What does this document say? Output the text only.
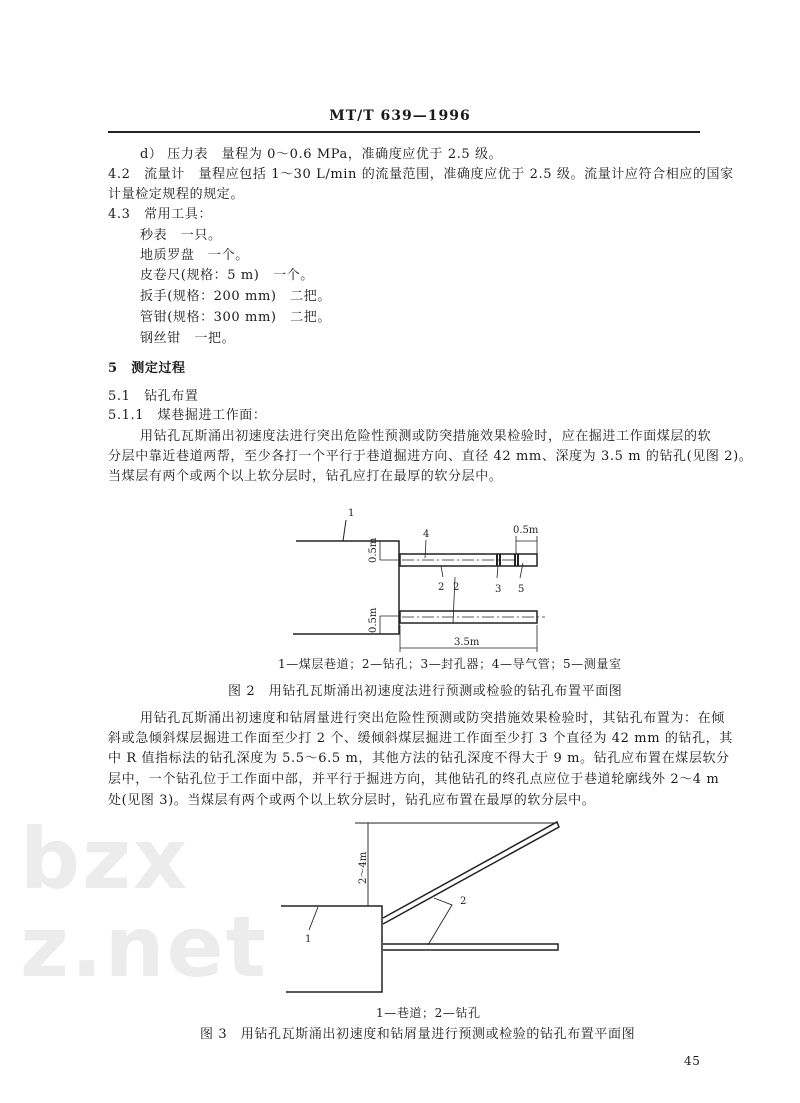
MT/T 639—1996
d） 压力表　量程为 0～0.6 MPa，准确度应优于 2.5 级。
4.2　流量计　量程应包括 1～30 L/min 的流量范围，准确度应优于 2.5 级。流量计应符合相应的国家
计量检定规程的规定。
4.3　常用工具：
秒表　一只。
地质罗盘　一个。
皮卷尺(规格：5 m)　一个。
扳手(规格：200 mm)　二把。
管钳(规格：300 mm)　二把。
钢丝钳　一把。
5　测定过程
5.1　钻孔布置
5.1.1　煤巷掘进工作面：
用钻孔瓦斯涌出初速度法进行突出危险性预测或防突措施效果检验时，应在掘进工作面煤层的软
分层中靠近巷道两帮，至少各打一个平行于巷道掘进方向、直径 42 mm、深度为 3.5 m 的钻孔(见图 2)。
当煤层有两个或两个以上软分层时，钻孔应打在最厚的软分层中。
1
4	0.5m
2 2	3 5
3.5m
0.5m
0.5m
1—煤层巷道；2—钻孔；3—封孔器；4—导气管；5—测量室
图 2　用钻孔瓦斯涌出初速度法进行预测或检验的钻孔布置平面图
用钻孔瓦斯涌出初速度和钻屑量进行突出危险性预测或防突措施效果检验时，其钻孔布置为：在倾
斜或急倾斜煤层掘进工作面至少打 2 个、缓倾斜煤层掘进工作面至少打 3 个直径为 42 mm 的钻孔，其
中 R 值指标法的钻孔深度为 5.5～6.5 m，其他方法的钻孔深度不得大于 9 m。钻孔应布置在煤层软分
层中，一个钻孔位于工作面中部，并平行于掘进方向，其他钻孔的终孔点应位于巷道轮廓线外 2～4 m
处(见图 3)。当煤层有两个或两个以上软分层时，钻孔应布置在最厚的软分层中。
bzxz.net	1
2
2～4m
1—巷道；2—钻孔
图 3　用钻孔瓦斯涌出初速度和钻屑量进行预测或检验的钻孔布置平面图
45
